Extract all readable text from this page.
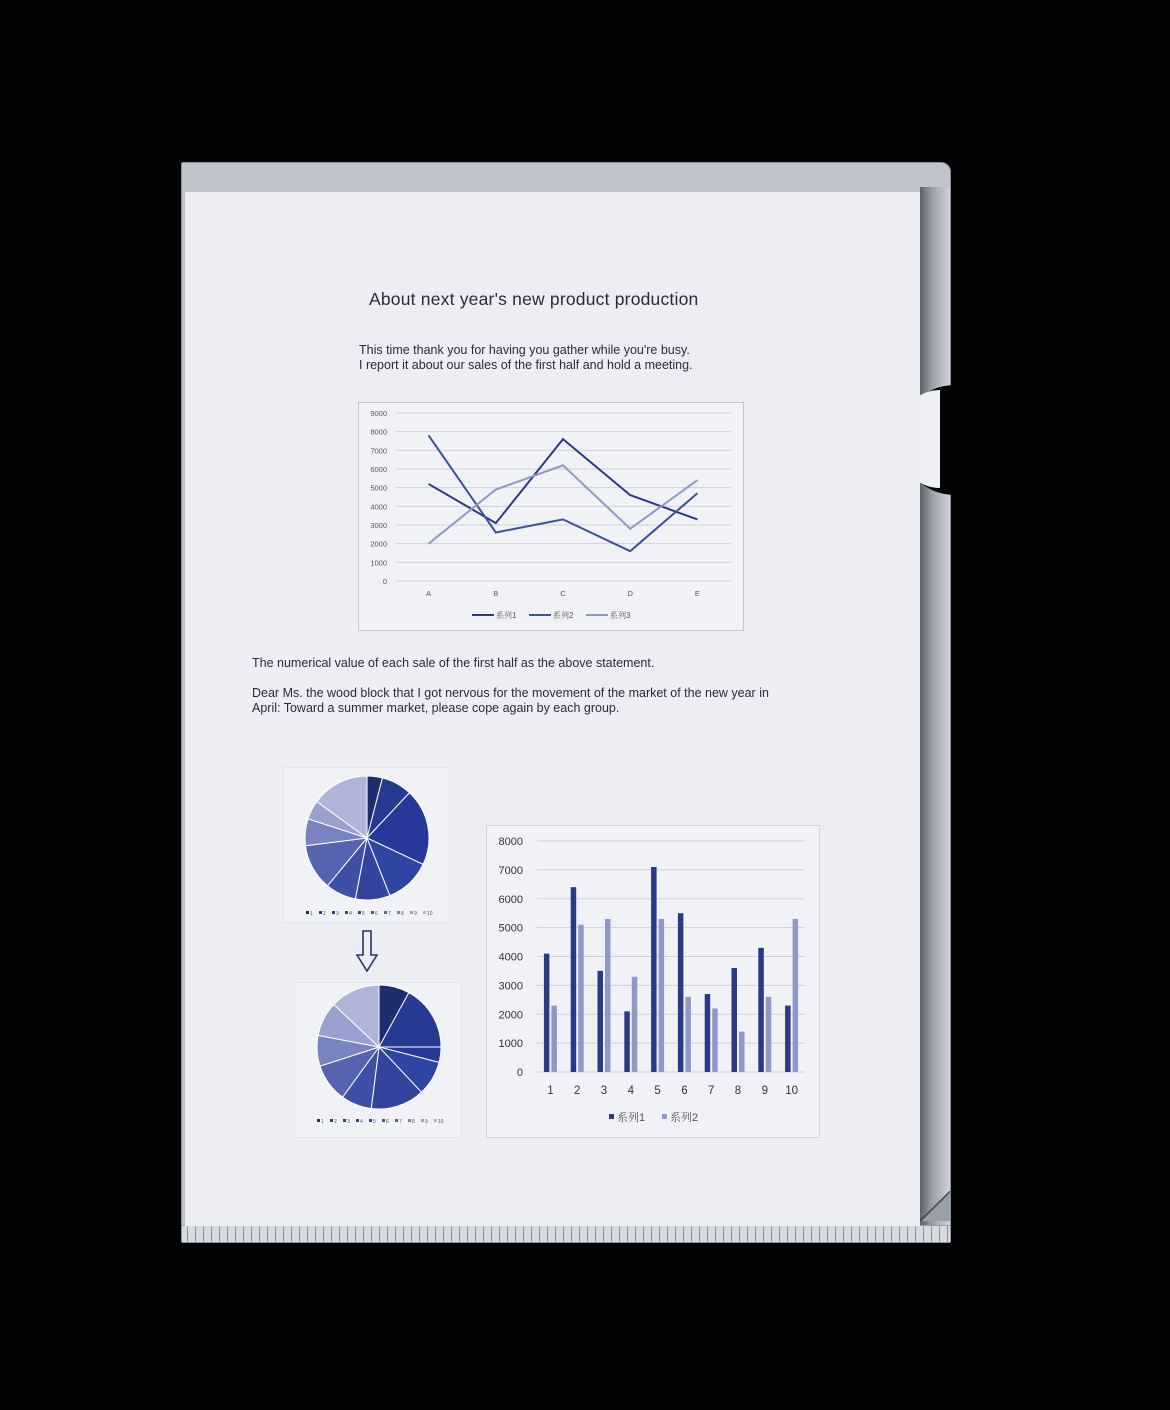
About next year's new product production
This time thank you for having you gather while you're busy.
I report it about our sales of the first half and hold a meeting.
0
1000
2000
3000
4000
5000
6000
7000
8000
9000
A	B	C	D	E
系列1	系列2	系列3
The numerical value of each sale of the first half as the above statement.
Dear Ms. the wood block that I got nervous for the movement of the market of the new year in
April: Toward a summer market, please cope again by each group.
1 2 3 4 5 6 7 8 9 10
1 2 3 4 5 6 7 8 9 10
0
1000
2000
3000
4000
5000
6000
7000
8000
1 2 3 4 5 6 7 8 9 10
系列1 系列2
